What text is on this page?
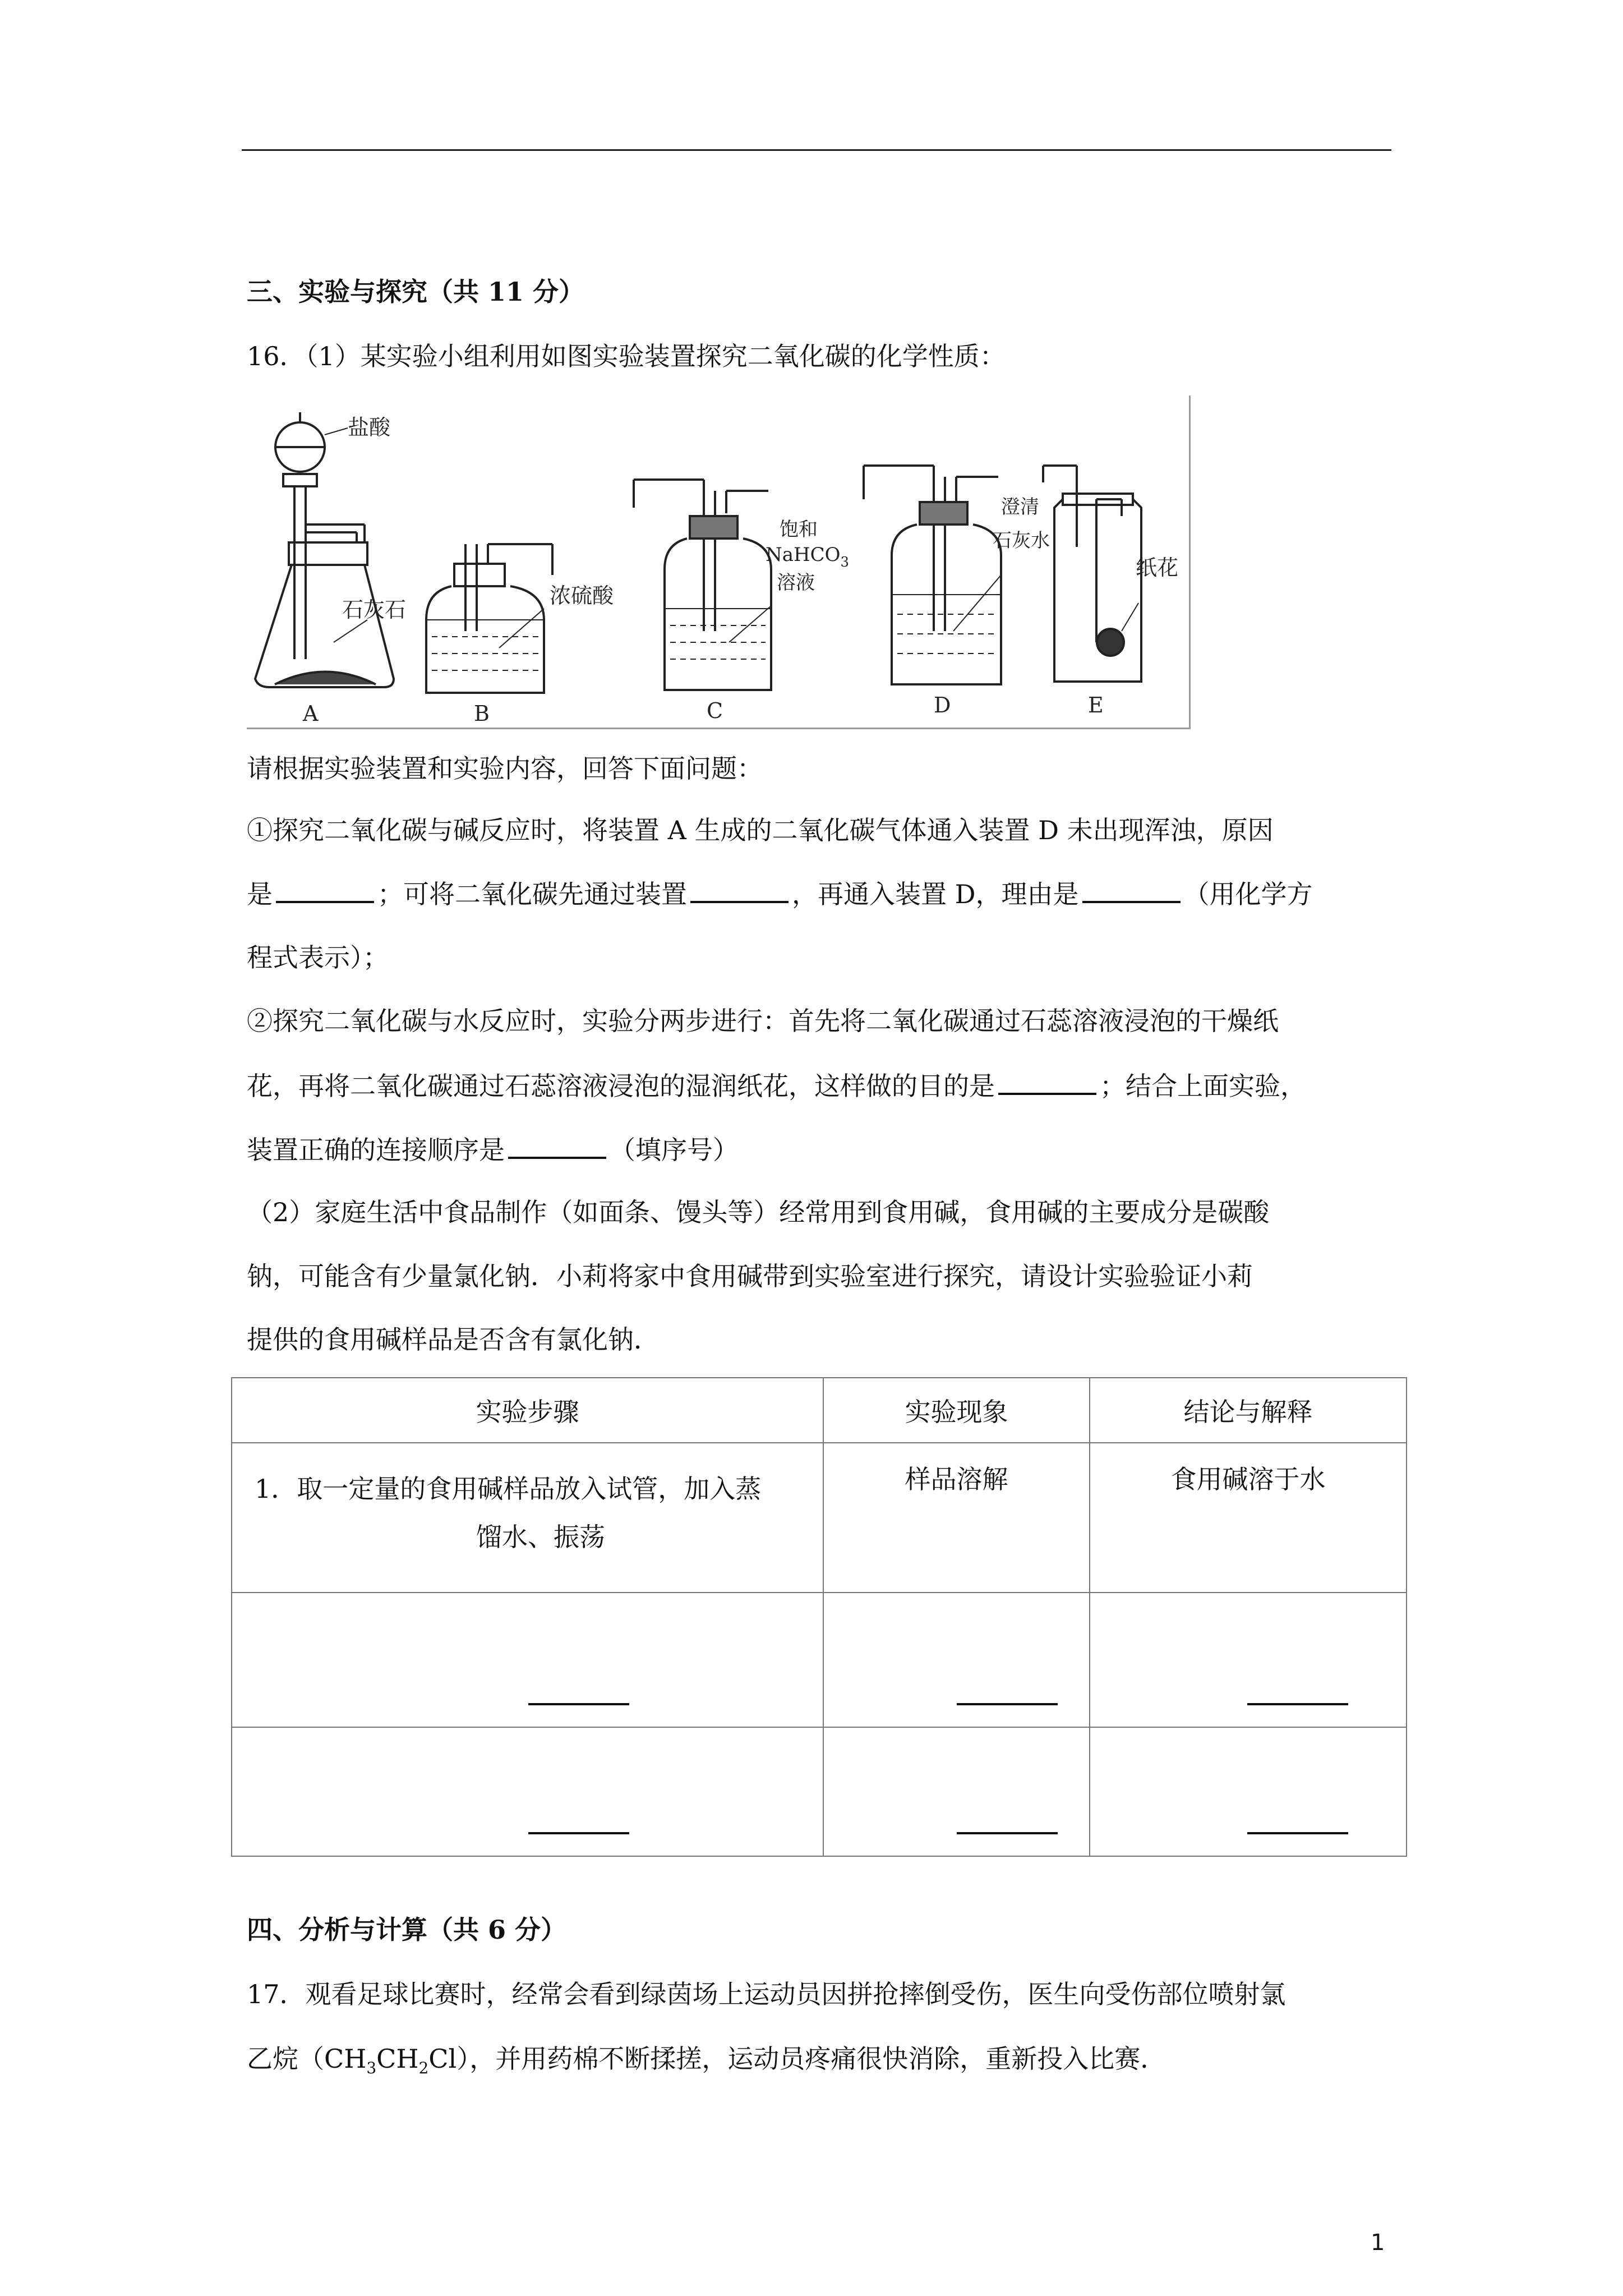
三、实验与探究（共 11 分）
16．（1）某实验小组利用如图实验装置探究二氧化碳的化学性质：
盐酸
石灰石
A
浓硫酸
B
饱和
NaHCO$_3$
溶液
C
澄清
石灰水
D
纸花
E
请根据实验装置和实验内容，回答下面问题：
①探究二氧化碳与碱反应时，将装置 A 生成的二氧化碳气体通入装置 D 未出现浑浊，原因
是	；可将二氧化碳先通过装置	，再通入装置 D，理由是	（用化学方
程式表示）；
②探究二氧化碳与水反应时，实验分两步进行：首先将二氧化碳通过石蕊溶液浸泡的干燥纸
花，再将二氧化碳通过石蕊溶液浸泡的湿润纸花，这样做的目的是	；结合上面实验，
装置正确的连接顺序是	（填序号）
（2）家庭生活中食品制作（如面条、馒头等）经常用到食用碱，食用碱的主要成分是碳酸
钠，可能含有少量氯化钠．小莉将家中食用碱带到实验室进行探究，请设计实验验证小莉
提供的食用碱样品是否含有氯化钠．
实验步骤	实验现象	结论与解释
1．取一定量的食用碱样品放入试管，加入蒸
馏水、振荡	样品溶解	食用碱溶于水

四、分析与计算（共 6 分）
17．观看足球比赛时，经常会看到绿茵场上运动员因拼抢摔倒受伤，医生向受伤部位喷射氯
乙烷$(CH_3CH_2Cl)$，并用药棉不断揉搓，运动员疼痛很快消除，重新投入比赛．
1
